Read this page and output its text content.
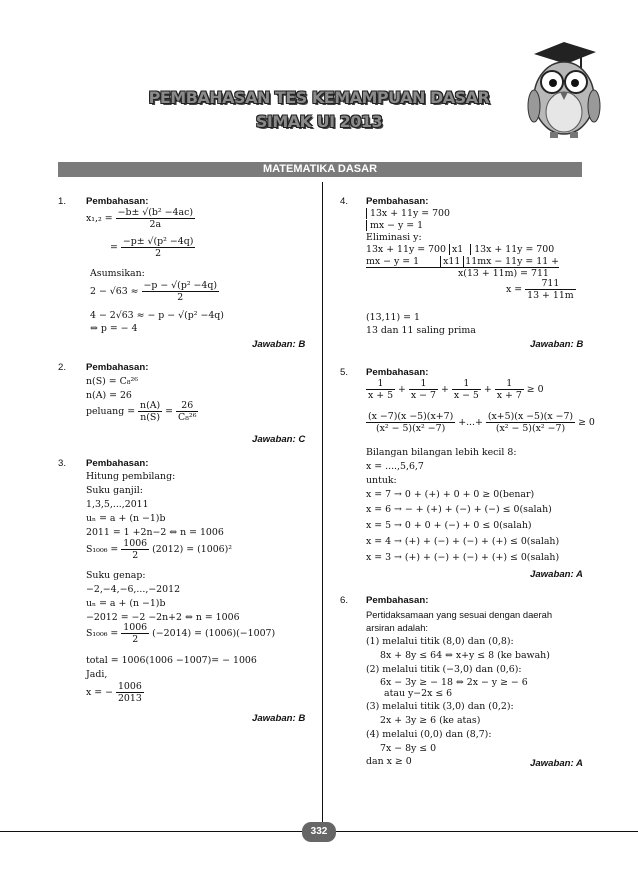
PEMBAHASAN TES KEMAMPUAN DASAR
SIMAK UI 2013
MATEMATIKA DASAR
1. Pembahasan:
$x_1,_2 = \frac{\text{−b± √(b² −4ac)}}{2a}$
= $\frac{\text{−p± √(p² −4q)}}{2}$
Asumsikan:
$2 - √63 \approx \frac{\text{−p − √(p² −4q)}}{2}$
4 − 2√63 ≈ − p − √(p² −4q)
⇔ p = − 4
Jawaban: B
2. Pembahasan:
n(S) = C₈²⁶
n(A) = 26
peluang = $\frac{n(A)}{n(S)} = \frac{26}{\text{C₈²⁶}}$
Jawaban: C
3. Pembahasan:
Hitung pembilang:
Suku ganjil:
1,3,5,...,2011
uₙ = a + (n −1)b
2011 = 1 +2n−2 ⇔ n = 1006
$S_{1006} = \frac{1006}{2} (2012) = (1006)^2$
Suku genap:
−2,−4,−6,...,−2012
uₙ = a + (n −1)b
−2012 = −2 −2n+2 ⇔ n = 1006
$S_{1006} = \frac{1006}{2} (-2014) = (1006)(-1007)$
total = 1006(1006 −1007)= − 1006
Jadi,
x = − $\frac{1006}{2013}$
Jawaban: B
4. Pembahasan:
13x + 11y = 700
mx − y = 1
Eliminasi y:
13x + 11y = 700 x1 13x + 11y = 700
mx − y = 1	x11 11mx − 11y = 11 +
x(13 + 11m) = 711
$x = \frac{711}{13 + 11m}$
(13,11) = 1
13 dan 11 saling prima
Jawaban: B
5. Pembahasan:
$\frac{1}{x + 5} + \frac{1}{x - 7} + \frac{1}{x - 5} + \frac{1}{x + 7} \ge 0$
$\frac{(x -7)(x -5)(x+7)}{\text{(x² − 5)(x² −7)}}$ +...+ $\frac{(x+5)(x -5)(x -7)}{\text{(x² − 5)(x² −7)}} \ge 0$
Bilangan bilangan lebih kecil 8:
x = ....,5,6,7
untuk:
x = 7 → 0 + (+) + 0 + 0 ≥ 0(benar)
x = 6 → − + (+) + (−) + (−) ≤ 0(salah)
x = 5 → 0 + 0 + (−) + 0 ≤ 0(salah)
x = 4 → (+) + (−) + (−) + (+) ≤ 0(salah)
x = 3 → (+) + (−) + (−) + (+) ≤ 0(salah)
Jawaban: A
6. Pembahasan:
Pertidaksamaan yang sesuai dengan daerah
arsiran adalah:
(1) melalui titik (8,0) dan (0,8):
8x + 8y ≤ 64 ⇔ x+y ≤ 8 (ke bawah)
(2) melalui titik (−3,0) dan (0,6):
6x − 3y ≥ − 18 ⇔ 2x − y ≥ − 6
atau y−2x ≤ 6
(3) melalui titik (3,0) dan (0,2):
2x + 3y ≥ 6 (ke atas)
(4) melalui (0,0) dan (8,7):
7x − 8y ≤ 0
dan x ≥ 0	Jawaban: A
332
